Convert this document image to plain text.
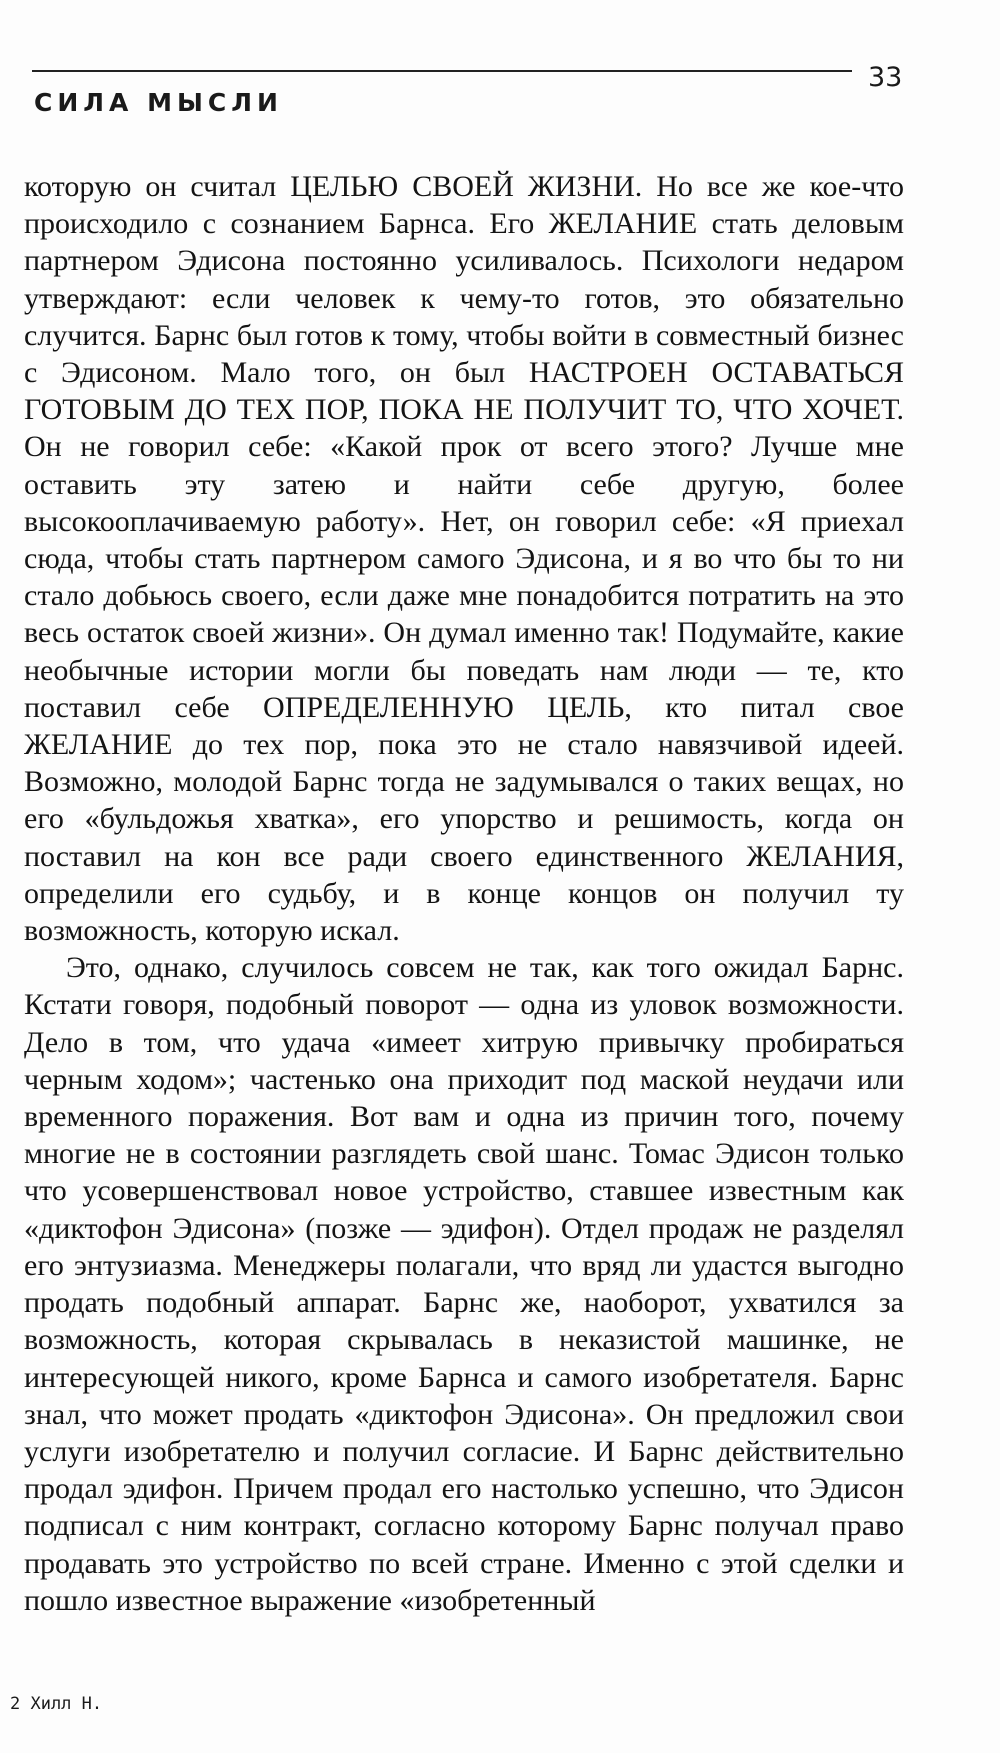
СИЛА МЫСЛИ
33

которую он считал ЦЕЛЬЮ СВОЕЙ ЖИЗНИ. Но все же кое-что происходило с сознанием Барнса. Его ЖЕЛАНИЕ стать деловым партнером Эдисона постоянно усиливалось. Психологи недаром утверждают: если человек к чему-то готов, это обязательно случится. Барнс был готов к тому, чтобы войти в совместный бизнес с Эдисоном. Мало того, он был НАСТРОЕН ОСТАВАТЬСЯ ГОТОВЫМ ДО ТЕХ ПОР, ПОКА НЕ ПОЛУЧИТ ТО, ЧТО ХОЧЕТ. Он не говорил себе: «Какой прок от всего этого? Лучше мне оставить эту затею и найти себе другую, более высокооплачиваемую работу». Нет, он говорил себе: «Я приехал сюда, чтобы стать партнером самого Эдисона, и я во что бы то ни стало добьюсь своего, если даже мне понадобится потратить на это весь остаток своей жизни». Он думал именно так! Подумайте, какие необычные истории могли бы поведать нам люди — те, кто поставил себе ОПРЕДЕЛЕННУЮ ЦЕЛЬ, кто питал свое ЖЕЛАНИЕ до тех пор, пока это не стало навязчивой идеей. Возможно, молодой Барнс тогда не задумывался о таких вещах, но его «бульдожья хватка», его упорство и решимость, когда он поставил на кон все ради своего единственного ЖЕЛАНИЯ, определили его судьбу, и в конце концов он получил ту возможность, которую искал.

Это, однако, случилось совсем не так, как того ожидал Барнс. Кстати говоря, подобный поворот — одна из уловок возможности. Дело в том, что удача «имеет хитрую привычку пробираться черным ходом»; частенько она приходит под маской неудачи или временного поражения. Вот вам и одна из причин того, почему многие не в состоянии разглядеть свой шанс. Томас Эдисон только что усовершенствовал новое устройство, ставшее известным как «диктофон Эдисона» (позже — эдифон). Отдел продаж не разделял его энтузиазма. Менеджеры полагали, что вряд ли удастся выгодно продать подобный аппарат. Барнс же, наоборот, ухватился за возможность, которая скрывалась в неказистой машинке, не интересующей никого, кроме Барнса и самого изобретателя. Барнс знал, что может продать «диктофон Эдисона». Он предложил свои услуги изобретателю и получил согласие. И Барнс действительно продал эдифон. Причем продал его настолько успешно, что Эдисон подписал с ним контракт, согласно которому Барнс получал право продавать это устройство по всей стране. Именно с этой сделки и пошло известное выражение «изобретенный

2 Хилл Н.
